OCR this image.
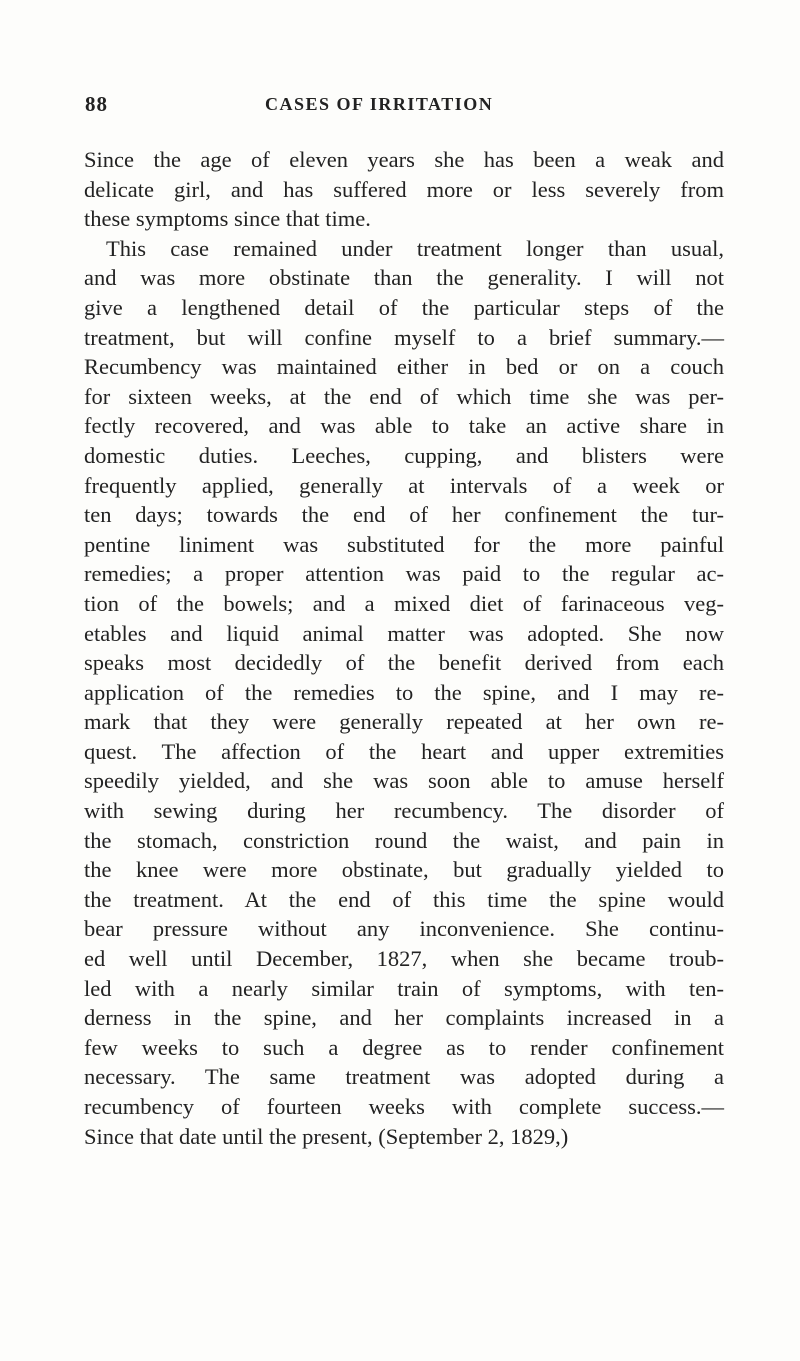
88	CASES OF IRRITATION
Since the age of eleven years she has been a weak and
delicate girl, and has suffered more or less severely from
these symptoms since that time.
This case remained under treatment longer than usual,
and was more obstinate than the generality. I will not
give a lengthened detail of the particular steps of the
treatment, but will confine myself to a brief summary.—
Recumbency was maintained either in bed or on a couch
for sixteen weeks, at the end of which time she was per-
fectly recovered, and was able to take an active share in
domestic duties. Leeches, cupping, and blisters were
frequently applied, generally at intervals of a week or
ten days; towards the end of her confinement the tur-
pentine liniment was substituted for the more painful
remedies; a proper attention was paid to the regular ac-
tion of the bowels; and a mixed diet of farinaceous veg-
etables and liquid animal matter was adopted. She now
speaks most decidedly of the benefit derived from each
application of the remedies to the spine, and I may re-
mark that they were generally repeated at her own re-
quest. The affection of the heart and upper extremities
speedily yielded, and she was soon able to amuse herself
with sewing during her recumbency. The disorder of
the stomach, constriction round the waist, and pain in
the knee were more obstinate, but gradually yielded to
the treatment. At the end of this time the spine would
bear pressure without any inconvenience. She continu-
ed well until December, 1827, when she became troub-
led with a nearly similar train of symptoms, with ten-
derness in the spine, and her complaints increased in a
few weeks to such a degree as to render confinement
necessary. The same treatment was adopted during a
recumbency of fourteen weeks with complete success.—
Since that date until the present, (September 2, 1829,)
